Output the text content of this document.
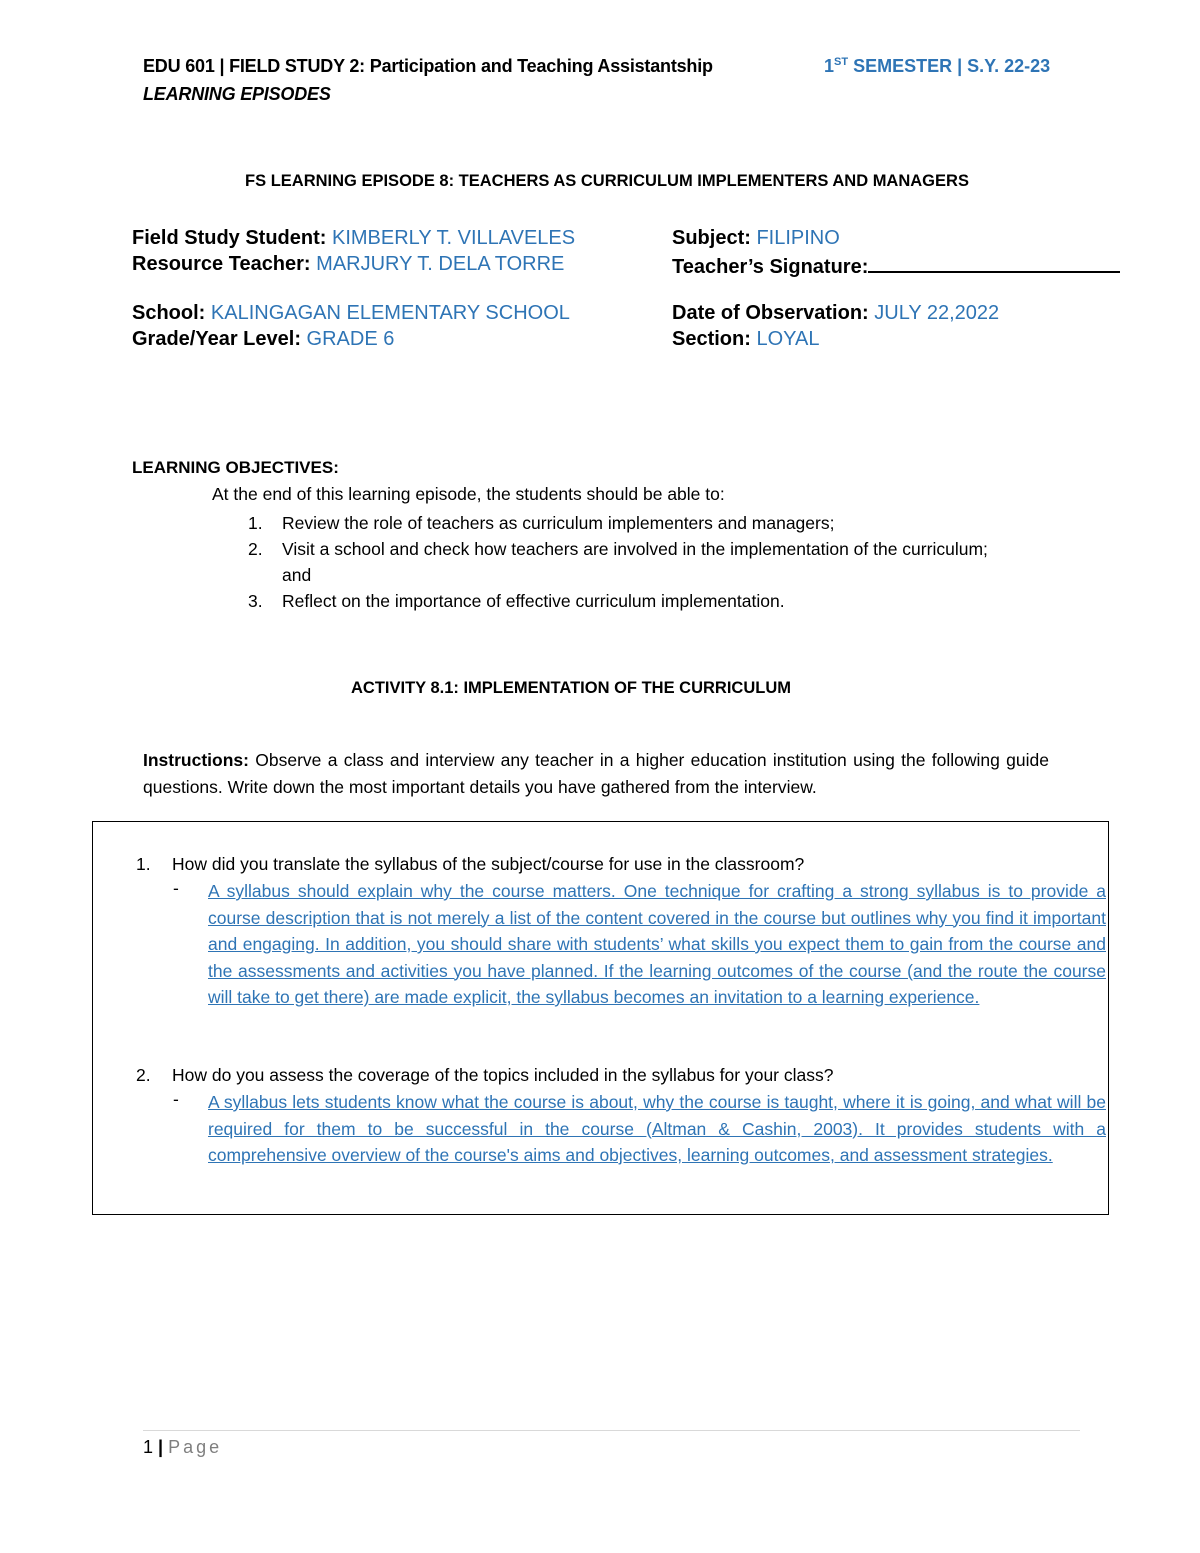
EDU 601 | FIELD STUDY 2: Participation and Teaching Assistantship
LEARNING EPISODES
1ST SEMESTER | S.Y. 22-23
FS LEARNING EPISODE 8: TEACHERS AS CURRICULUM IMPLEMENTERS AND MANAGERS
Field Study Student: KIMBERLY T. VILLAVELES
Resource Teacher: MARJURY T. DELA TORRE
Subject: FILIPINO
Teacher’s Signature:
School: KALINGAGAN ELEMENTARY SCHOOL
Grade/Year Level: GRADE 6
Date of Observation: JULY 22,2022
Section: LOYAL
LEARNING OBJECTIVES:
At the end of this learning episode, the students should be able to:
1.	Review the role of teachers as curriculum implementers and managers;
2.	Visit a school and check how teachers are involved in the implementation of the curriculum; and
3.	Reflect on the importance of effective curriculum implementation.
ACTIVITY 8.1: IMPLEMENTATION OF THE CURRICULUM
Instructions: Observe a class and interview any teacher in a higher education institution using the following guide questions. Write down the most important details you have gathered from the interview.
1. How did you translate the syllabus of the subject/course for use in the classroom?
- A syllabus should explain why the course matters. One technique for crafting a strong syllabus is to provide a course description that is not merely a list of the content covered in the course but outlines why you find it important and engaging. In addition, you should share with students’ what skills you expect them to gain from the course and the assessments and activities you have planned. If the learning outcomes of the course (and the route the course will take to get there) are made explicit, the syllabus becomes an invitation to a learning experience.
2. How do you assess the coverage of the topics included in the syllabus for your class?
- A syllabus lets students know what the course is about, why the course is taught, where it is going, and what will be required for them to be successful in the course (Altman & Cashin, 2003). It provides students with a comprehensive overview of the course's aims and objectives, learning outcomes, and assessment strategies.
1 | Page
